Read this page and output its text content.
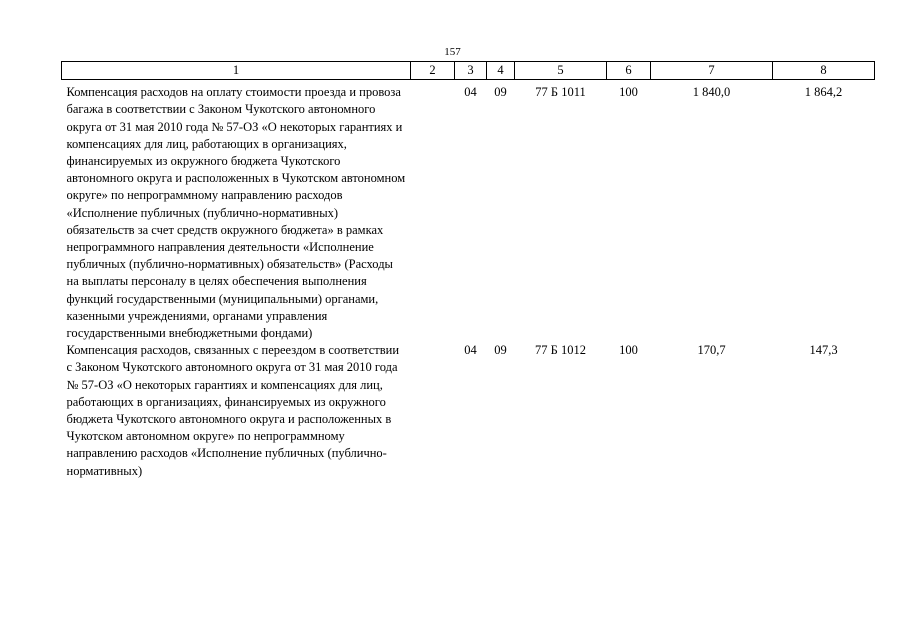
157
1	2	3	4	5	6	7	8
Компенсация расходов на оплату стоимости проезда и провоза багажа в соответствии с Законом Чукотского автономного округа от 31 мая 2010 года № 57-ОЗ «О некоторых гарантиях и компенсациях для лиц, работающих в организациях, финансируемых из окружного бюджета Чукотского автономного округа и расположенных в Чукотском автономном округе» по непрограммному направлению расходов «Исполнение публичных (публично-нормативных) обязательств за счет средств окружного бюджета» в рамках непрограммного направления деятельности «Исполнение публичных (публично-нормативных) обязательств» (Расходы на выплаты персоналу в целях обеспечения выполнения функций государственными (муниципальными) органами, казенными учреждениями, органами управления государственными внебюджетными фондами)		04	09	77 Б 1011	100	1 840,0	1 864,2
Компенсация расходов, связанных с переездом в соответствии с Законом Чукотского автономного округа от 31 мая 2010 года № 57-ОЗ «О некоторых гарантиях и компенсациях для лиц, работающих в организациях, финансируемых из окружного бюджета Чукотского автономного округа и расположенных в Чукотском автономном округе» по непрограммному направлению расходов «Исполнение публичных (публично-нормативных)		04	09	77 Б 1012	100	170,7	147,3
